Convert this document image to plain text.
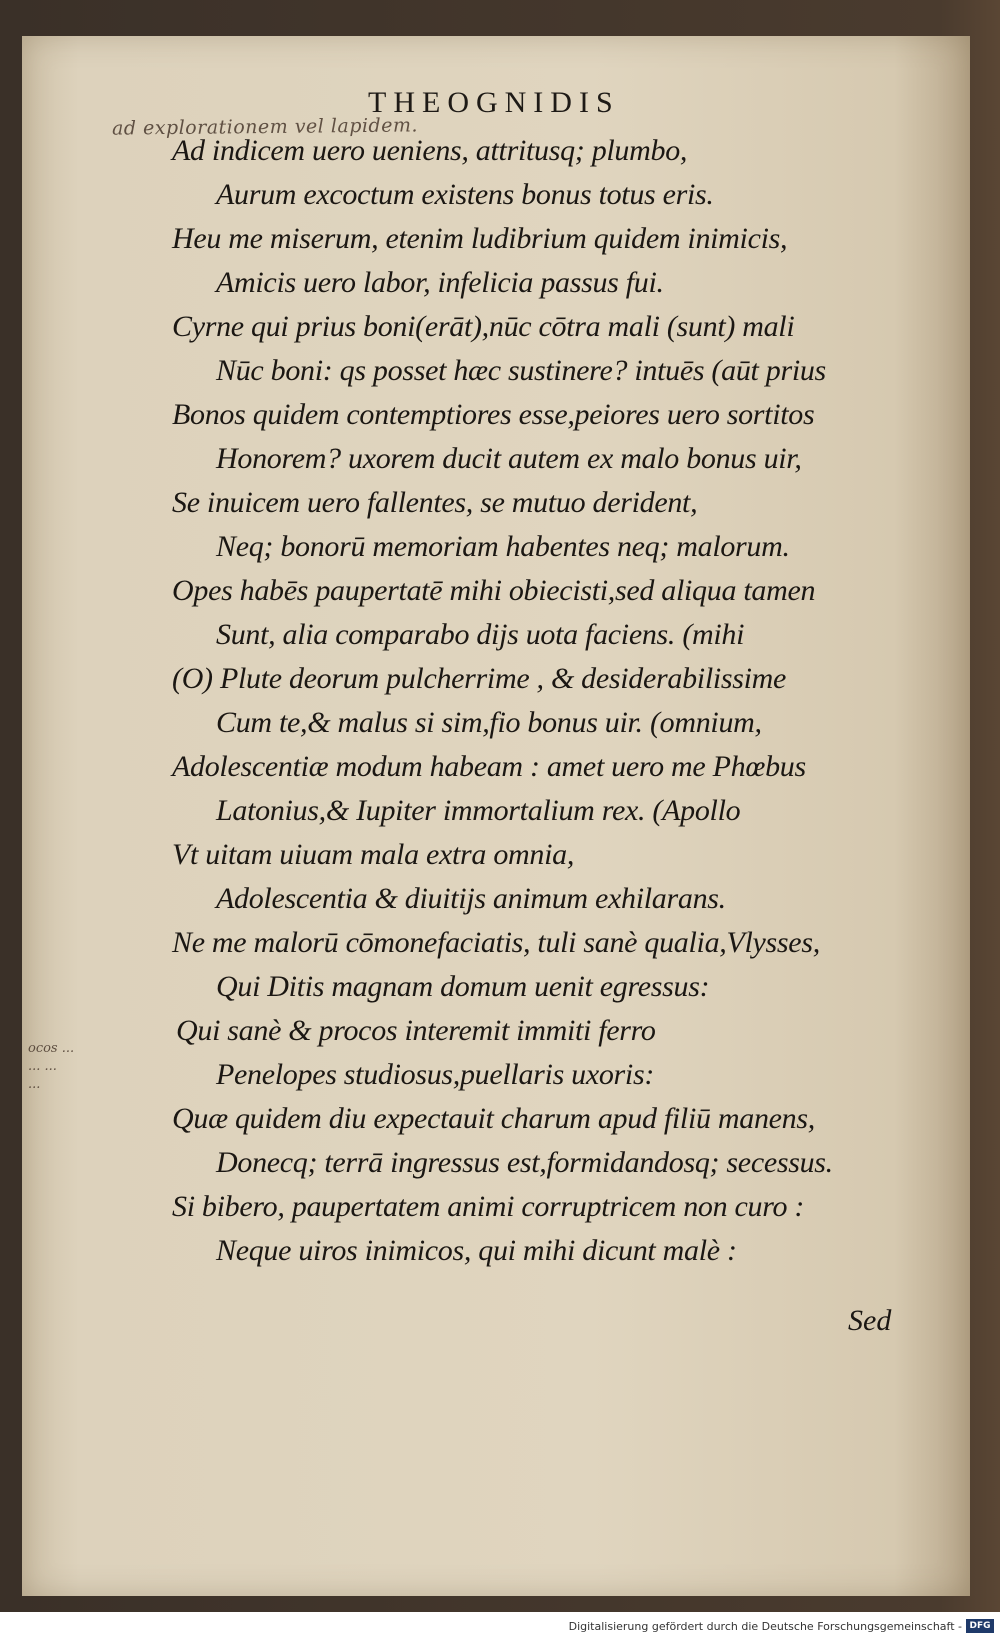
THEOGNIDIS
ad explorationem vel lapidem.
ocos ...
... ...
...
Ad indicem uero ueniens, attritusq; plumbo,
Aurum excoctum existens bonus totus eris.
Heu me miserum, etenim ludibrium quidem inimicis,
Amicis uero labor, infelicia passus fui.
Cyrne qui prius boni(erāt),nūc cōtra mali (sunt) mali
Nūc boni: qs posset hæc sustinere? intuēs (aūt prius
Bonos quidem contemptiores esse,peiores uero sortitos
Honorem? uxorem ducit autem ex malo bonus uir,
Se inuicem uero fallentes, se mutuo derident,
Neq; bonorū memoriam habentes neq; malorum.
Opes habēs paupertatē mihi obiecisti,sed aliqua tamen
Sunt, alia comparabo dijs uota faciens. (mihi
(O) Plute deorum pulcherrime , & desiderabilissime
Cum te,& malus si sim,fio bonus uir. (omnium,
Adolescentiæ modum habeam : amet uero me Phœbus
Latonius,& Iupiter immortalium rex. (Apollo
Vt uitam uiuam mala extra omnia,
Adolescentia & diuitijs animum exhilarans.
Ne me malorū cōmonefaciatis, tuli sanè qualia,Vlysses,
Qui Ditis magnam domum uenit egressus:
Qui sanè & procos interemit immiti ferro
Penelopes studiosus,puellaris uxoris:
Quæ quidem diu expectauit charum apud filiū manens,
Donecq; terrā ingressus est,formidandosq; secessus.
Si bibero, paupertatem animi corruptricem non curo :
Neque uiros inimicos, qui mihi dicunt malè :
Sed
Digitalisierung gefördert durch die Deutsche Forschungsgemeinschaft - DFG
